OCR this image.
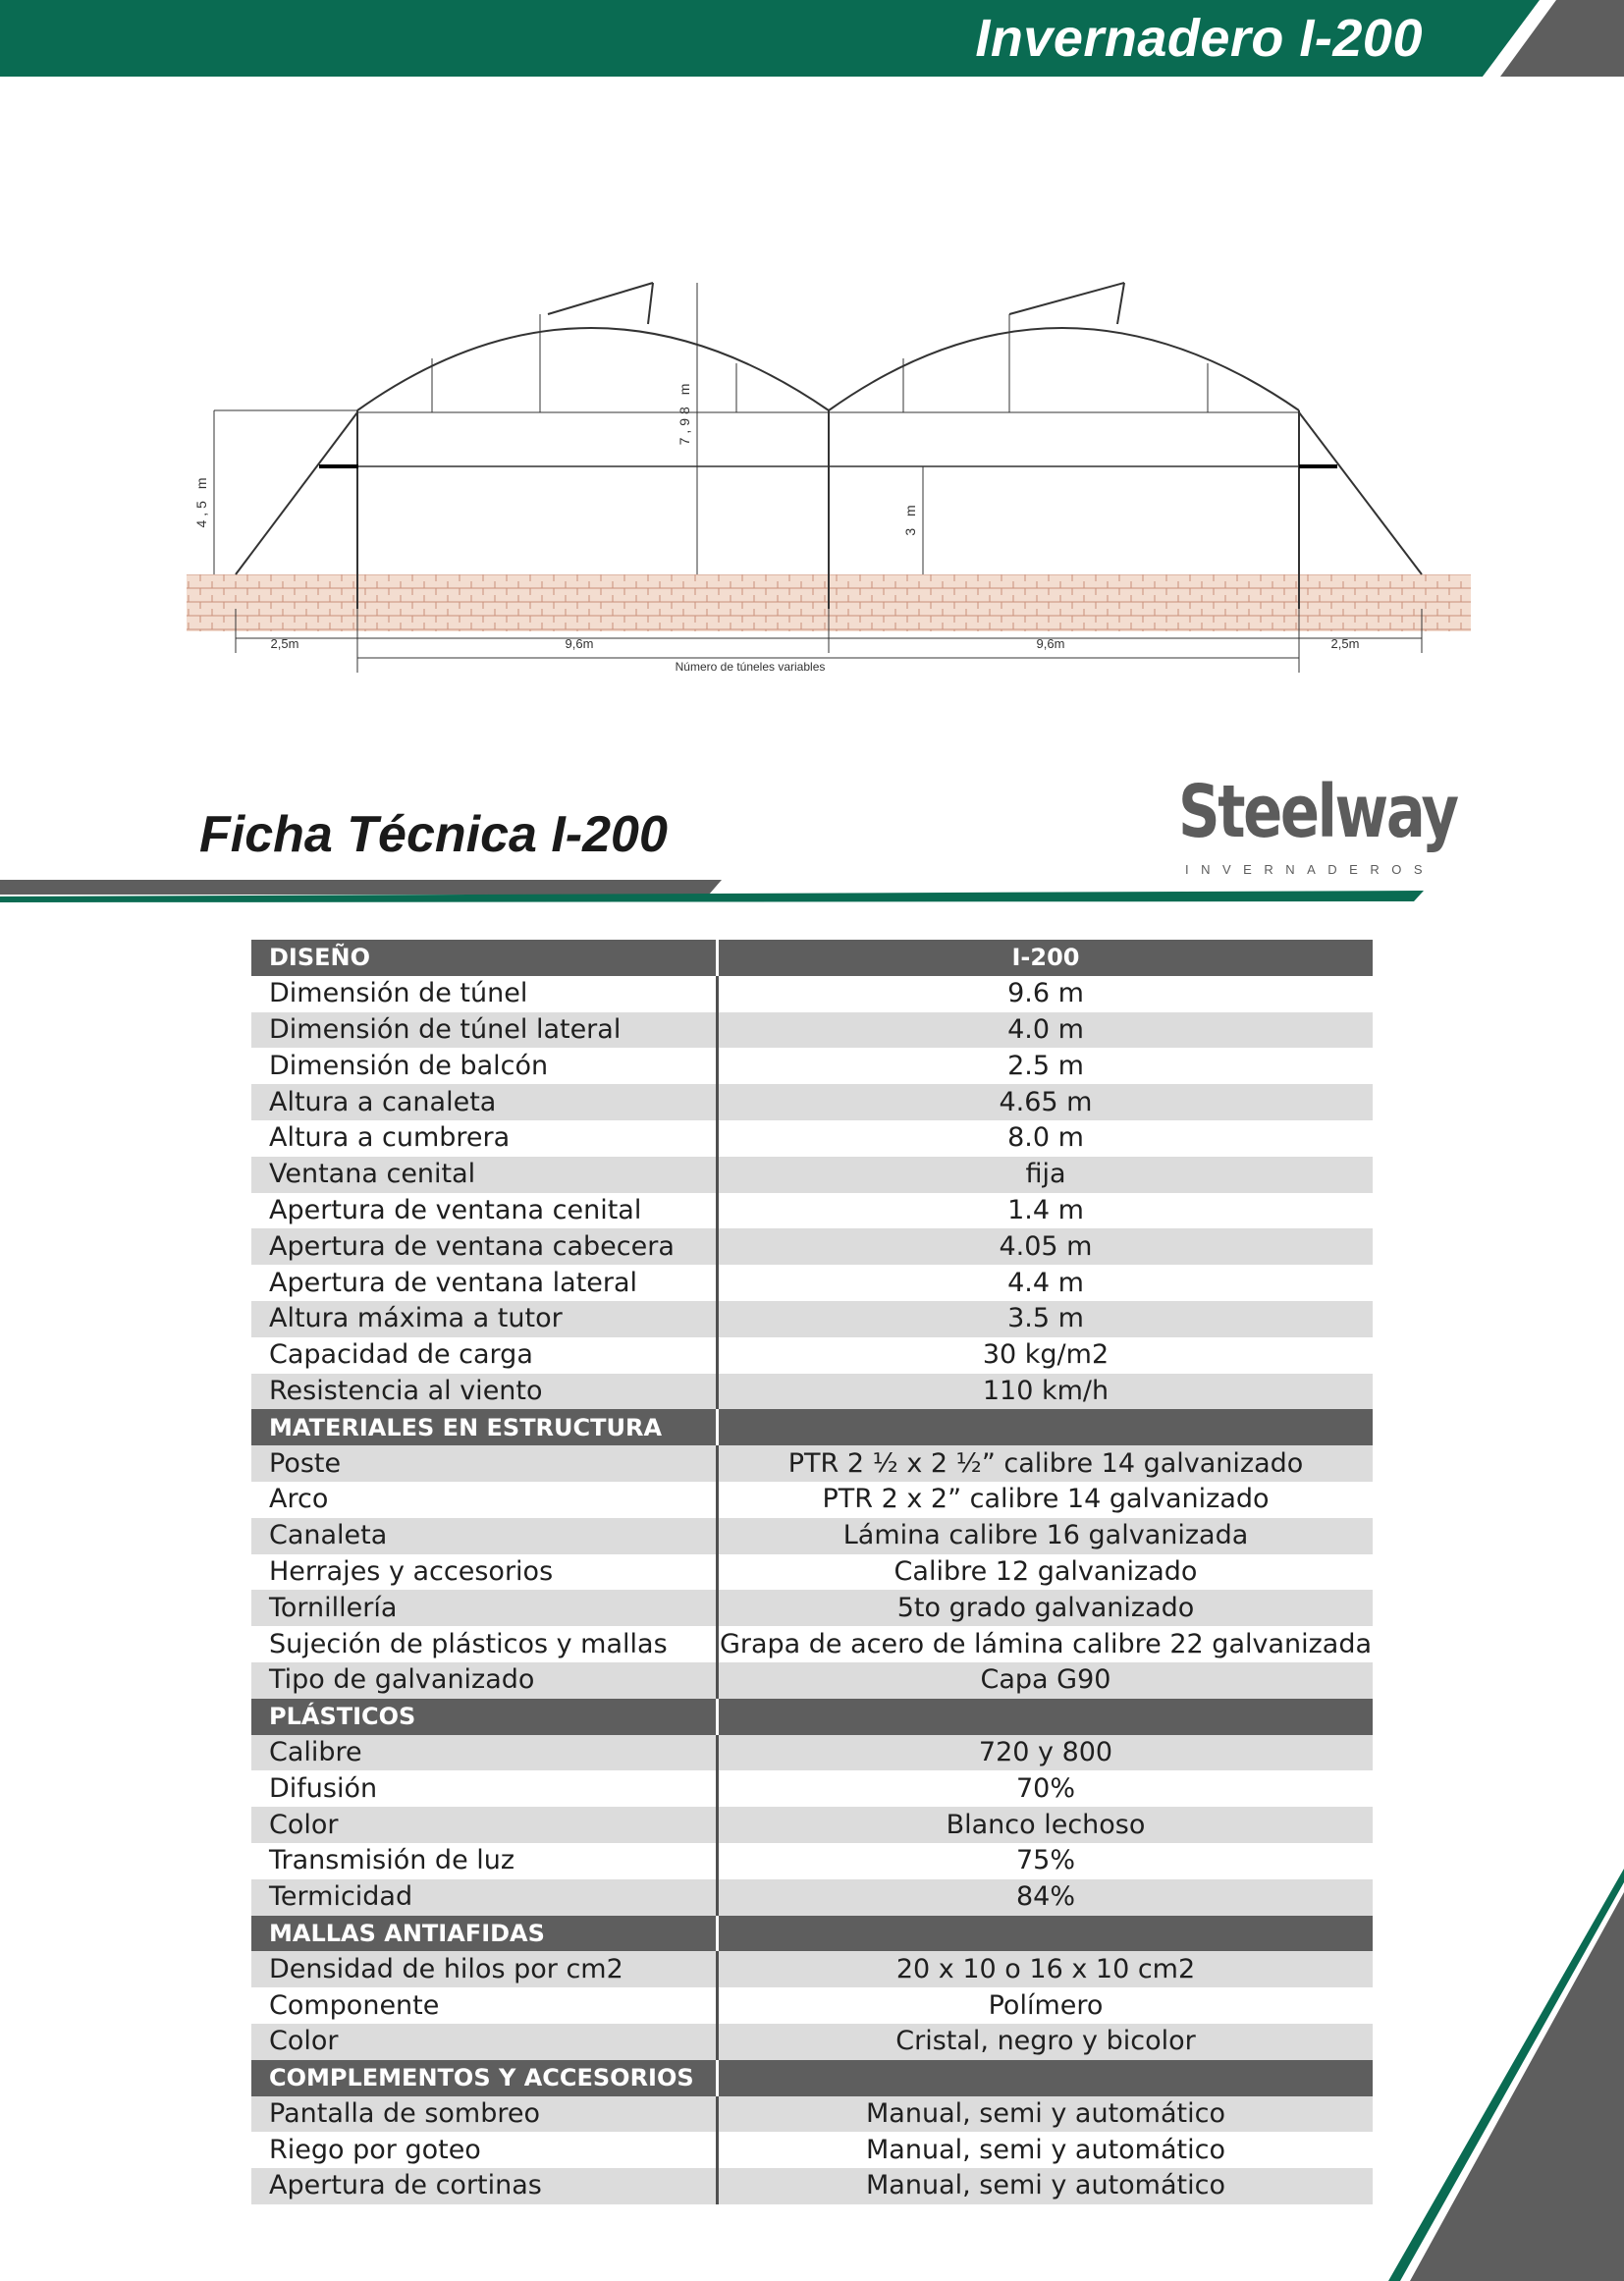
Invernadero I-200
4,5 m
7,98 m
3 m
2,5m	9,6m	9,6m	2,5m
Número de túneles variables
Steelway
INVERNADEROS
Ficha Técnica I-200
DISEÑO	I-200
Dimensión de túnel	9.6 m
Dimensión de túnel lateral	4.0 m
Dimensión de balcón	2.5 m
Altura a canaleta	4.65 m
Altura a cumbrera	8.0 m
Ventana cenital	fija
Apertura de ventana cenital	1.4 m
Apertura de ventana cabecera	4.05 m
Apertura de ventana lateral	4.4 m
Altura máxima a tutor	3.5 m
Capacidad de carga	30 kg/m2
Resistencia al viento	110 km/h
MATERIALES EN ESTRUCTURA	
Poste	PTR 2 ½ x 2 ½” calibre 14 galvanizado
Arco	PTR 2 x 2” calibre 14 galvanizado
Canaleta	Lámina calibre 16 galvanizada
Herrajes y accesorios	Calibre 12 galvanizado
Tornillería	5to grado galvanizado
Sujeción de plásticos y mallas	Grapa de acero de lámina calibre 22 galvanizada
Tipo de galvanizado	Capa G90
PLÁSTICOS	
Calibre	720 y 800
Difusión	70%
Color	Blanco lechoso
Transmisión de luz	75%
Termicidad	84%
MALLAS ANTIAFIDAS	
Densidad de hilos por cm2	20 x 10 o 16 x 10 cm2
Componente	Polímero
Color	Cristal, negro y bicolor
COMPLEMENTOS Y ACCESORIOS	
Pantalla de sombreo	Manual, semi y automático
Riego por goteo	Manual, semi y automático
Apertura de cortinas	Manual, semi y automático
